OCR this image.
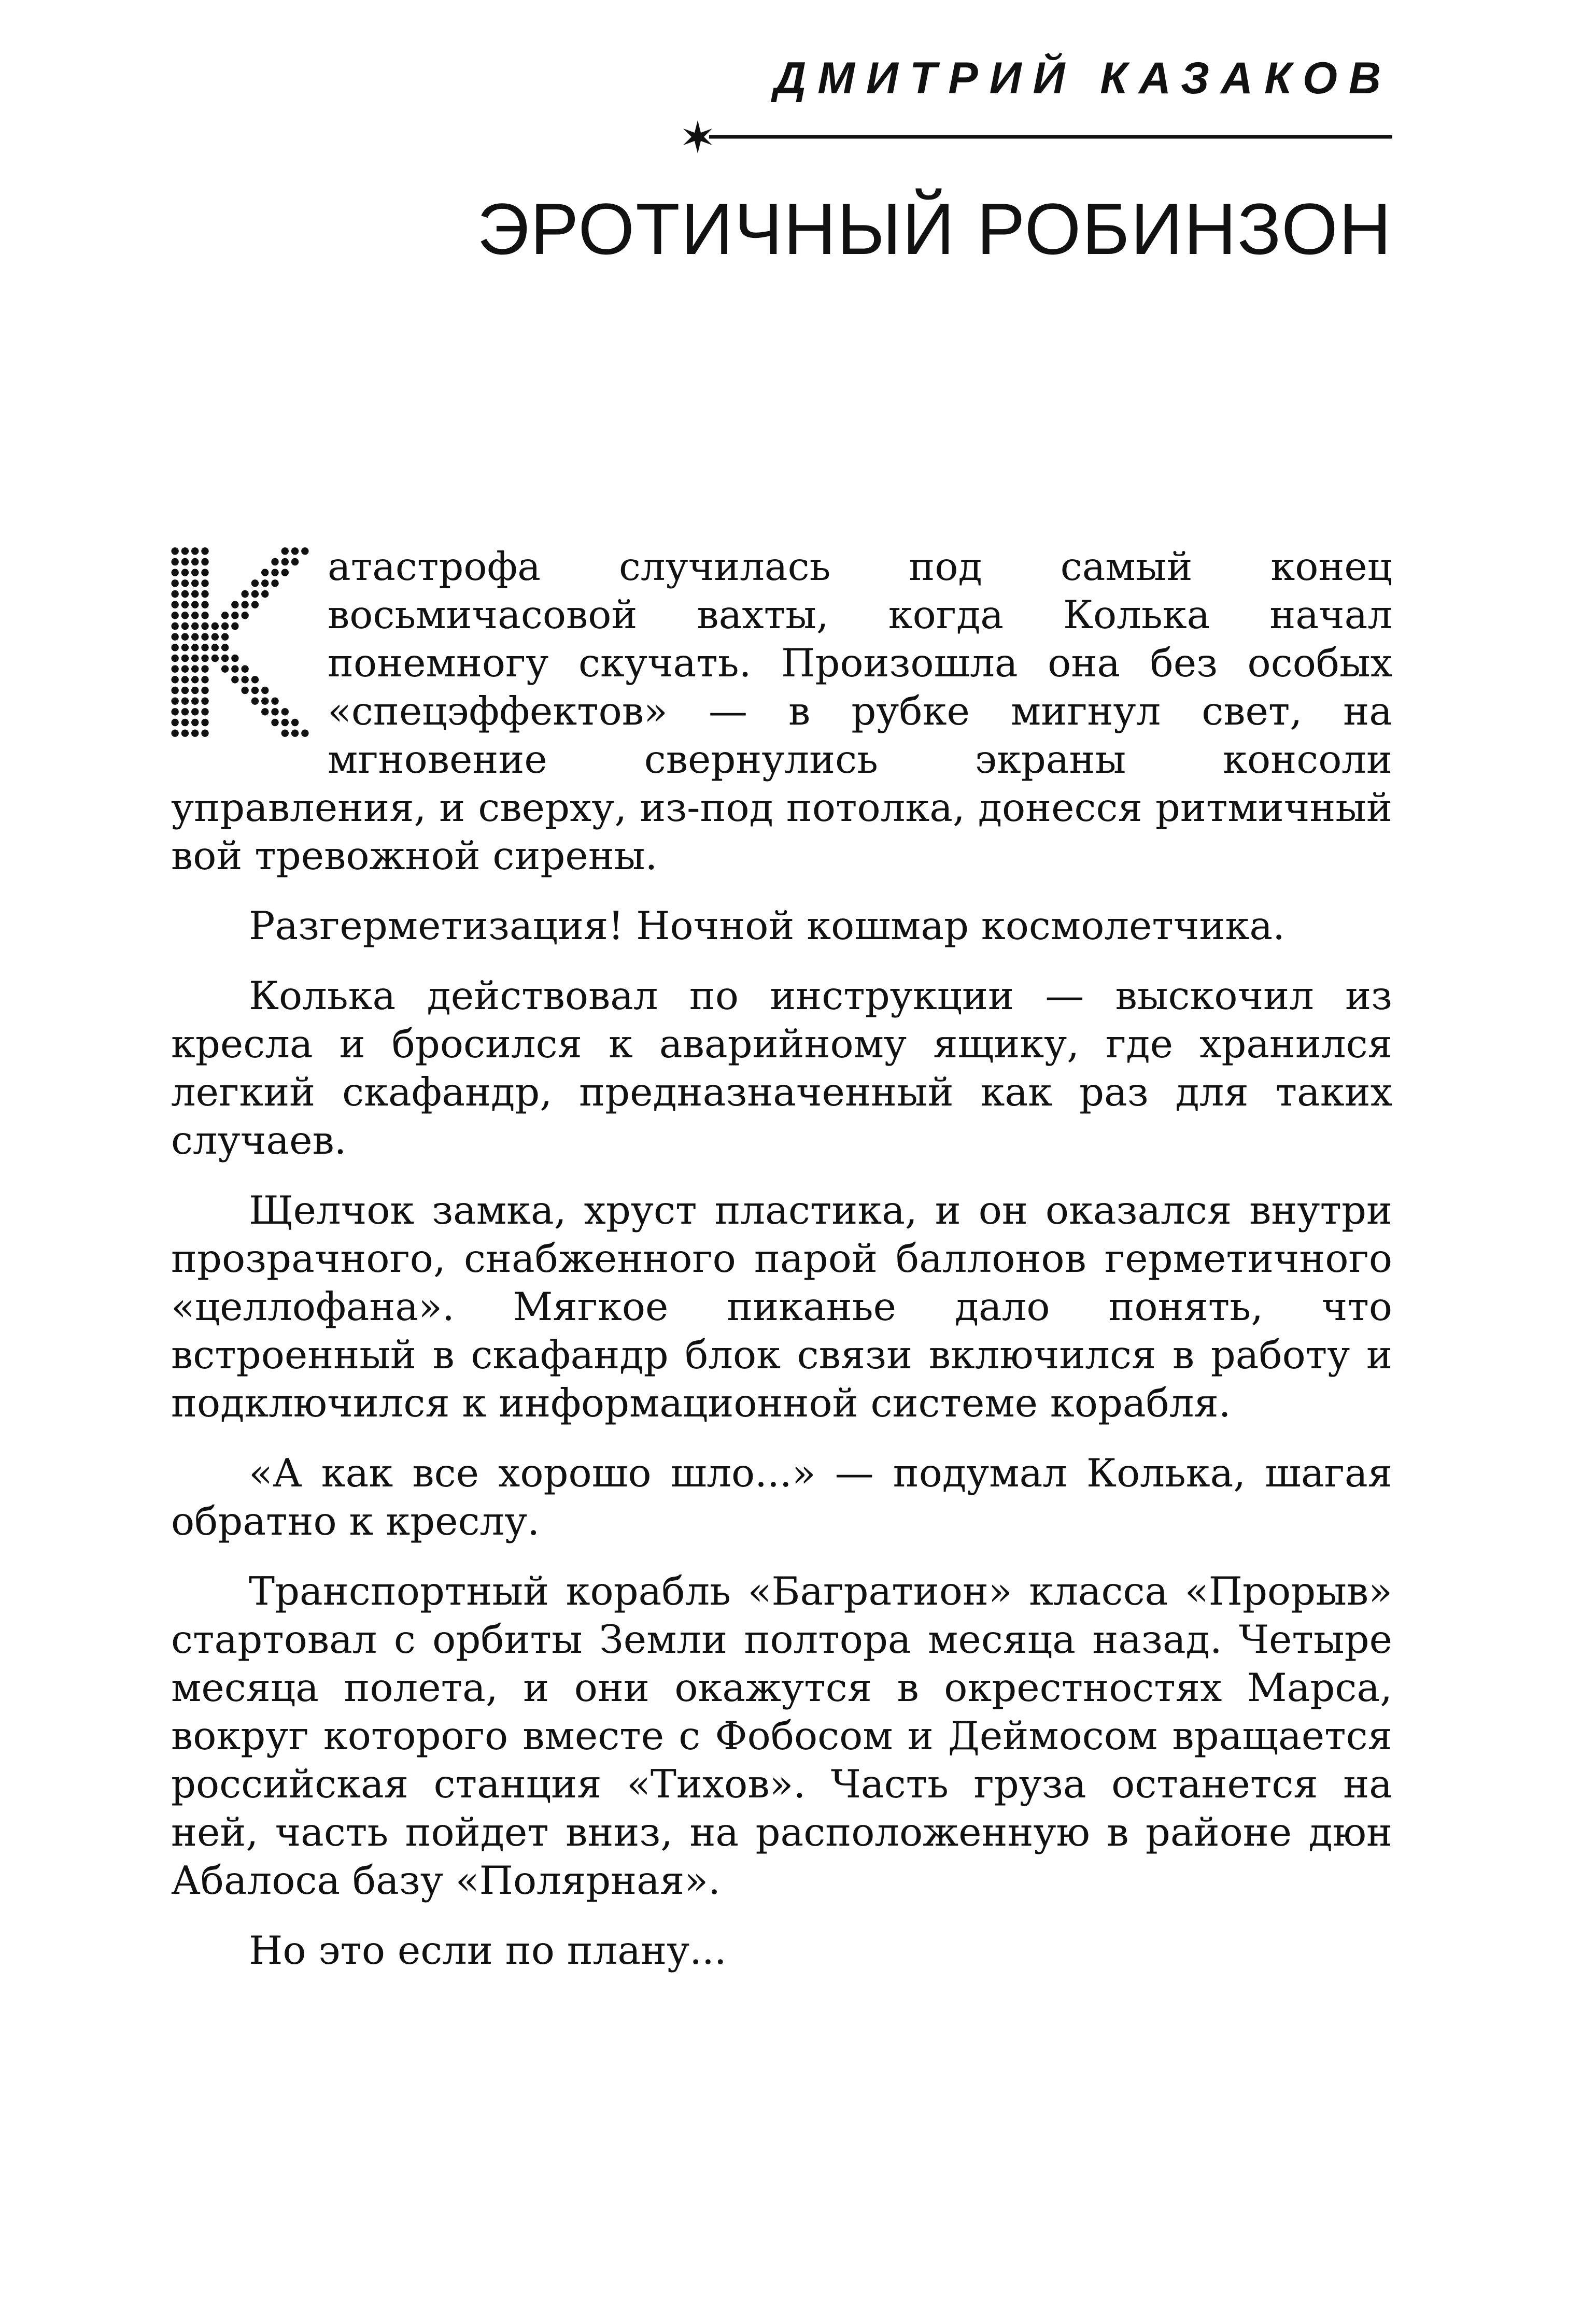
ДМИТРИЙ КАЗАКОВ
ЭРОТИЧНЫЙ РОБИНЗОН

атастрофа случилась под самый конец восьмичасовой вахты, когда Колька начал понемногу скучать. Произошла она без особых «спецэффектов» — в рубке мигнул свет, на мгновение свернулись экраны консоли управления, и сверху, из-под потолка, донесся ритмичный вой тревожной сирены.

Разгерметизация! Ночной кошмар космолетчика.

Колька действовал по инструкции — выскочил из кресла и бросился к аварийному ящику, где хранился легкий скафандр, предназначенный как раз для таких случаев.

Щелчок замка, хруст пластика, и он оказался внутри прозрачного, снабженного парой баллонов герметичного «целлофана». Мягкое пиканье дало понять, что встроенный в скафандр блок связи включился в работу и подключился к информационной системе корабля.

«А как все хорошо шло...» — подумал Колька, шагая обратно к креслу.

Транспортный корабль «Багратион» класса «Прорыв» стартовал с орбиты Земли полтора месяца назад. Четыре месяца полета, и они окажутся в окрестностях Марса, вокруг которого вместе с Фобосом и Деймосом вращается российская станция «Тихов». Часть груза останется на ней, часть пойдет вниз, на расположенную в районе дюн Абалоса базу «Полярная».

Но это если по плану...
